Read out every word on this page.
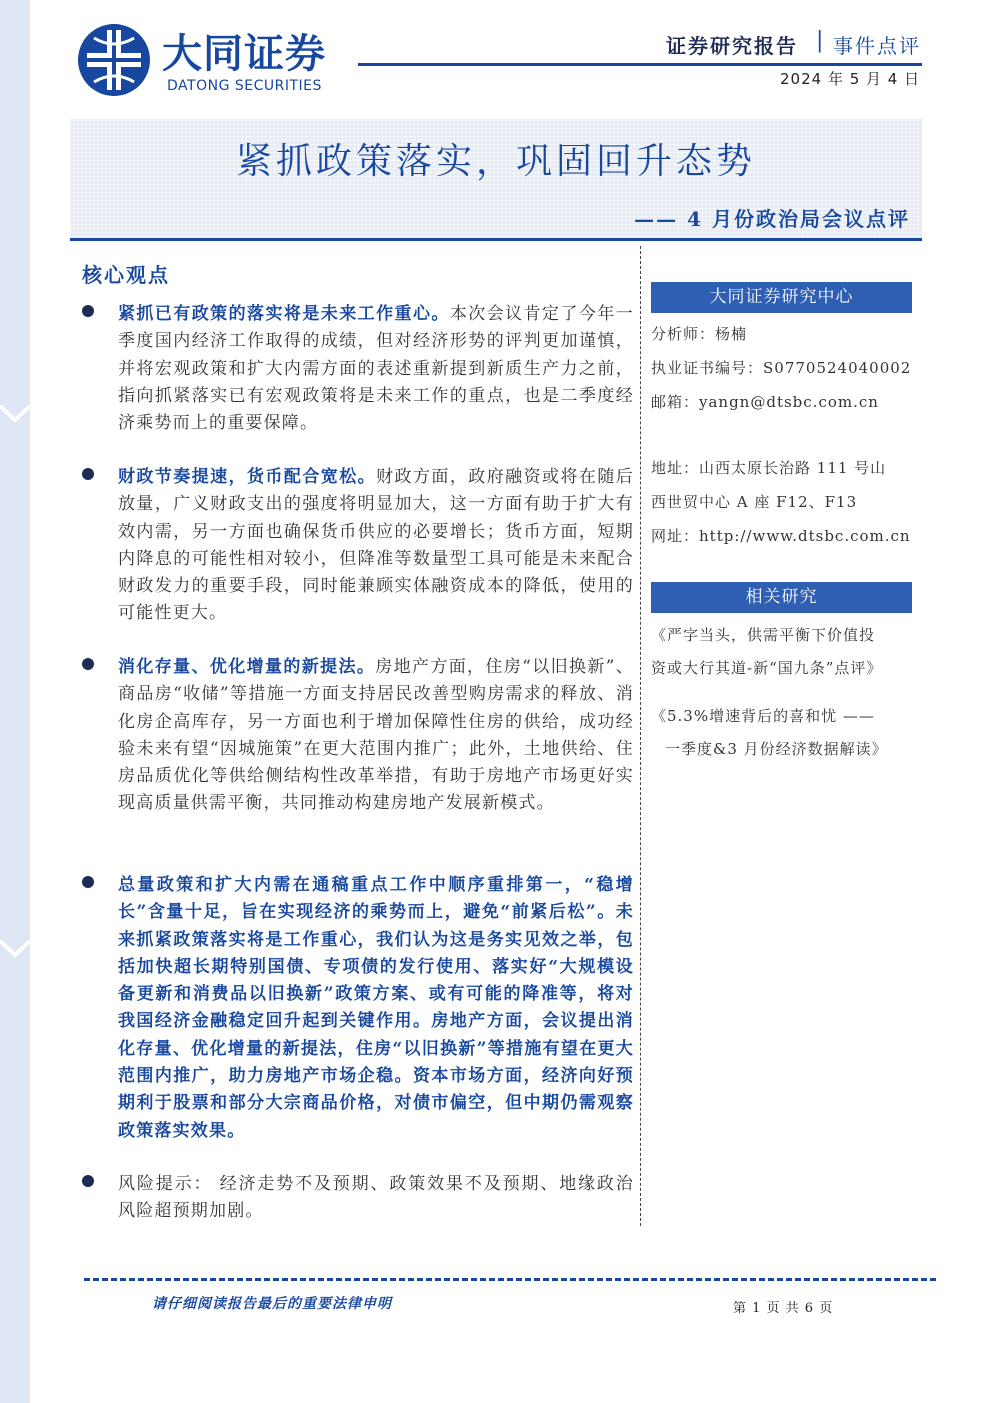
大同证券
DATONG SECURITIES
证券研究报告 | 事件点评
2024 年 5 月 4 日
紧抓政策落实，巩固回升态势
—— 4 月份政治局会议点评
核心观点
紧抓已有政策的落实将是未来工作重心。本次会议肯定了今年一季度国内经济工作取得的成绩，但对经济形势的评判更加谨慎，并将宏观政策和扩大内需方面的表述重新提到新质生产力之前，指向抓紧落实已有宏观政策将是未来工作的重点，也是二季度经济乘势而上的重要保障。
财政节奏提速，货币配合宽松。财政方面，政府融资或将在随后放量，广义财政支出的强度将明显加大，这一方面有助于扩大有效内需，另一方面也确保货币供应的必要增长；货币方面，短期内降息的可能性相对较小，但降准等数量型工具可能是未来配合财政发力的重要手段，同时能兼顾实体融资成本的降低，使用的可能性更大。
消化存量、优化增量的新提法。房地产方面，住房“以旧换新”、商品房“收储”等措施一方面支持居民改善型购房需求的释放、消化房企高库存，另一方面也利于增加保障性住房的供给，成功经验未来有望“因城施策”在更大范围内推广；此外，土地供给、住房品质优化等供给侧结构性改革举措，有助于房地产市场更好实现高质量供需平衡，共同推动构建房地产发展新模式。
总量政策和扩大内需在通稿重点工作中顺序重排第一，“稳增长”含量十足，旨在实现经济的乘势而上，避免“前紧后松”。未来抓紧政策落实将是工作重心，我们认为这是务实见效之举，包括加快超长期特别国债、专项债的发行使用、落实好“大规模设备更新和消费品以旧换新”政策方案、或有可能的降准等，将对我国经济金融稳定回升起到关键作用。房地产方面，会议提出消化存量、优化增量的新提法，住房“以旧换新”等措施有望在更大范围内推广，助力房地产市场企稳。资本市场方面，经济向好预期利于股票和部分大宗商品价格，对债市偏空，但中期仍需观察政策落实效果。
风险提示： 经济走势不及预期、政策效果不及预期、地缘政治风险超预期加剧。
大同证券研究中心
分析师：杨楠
执业证书编号：S0770524040002
邮箱：yangn@dtsbc.com.cn
地址：山西太原长治路 111 号山
西世贸中心 A 座 F12、F13
网址：http://www.dtsbc.com.cn
相关研究
《严字当头，供需平衡下价值投
资或大行其道-新“国九条”点评》
《5.3%增速背后的喜和忧 ——
一季度&3 月份经济数据解读》
请仔细阅读报告最后的重要法律申明	第 1 页 共 6 页
